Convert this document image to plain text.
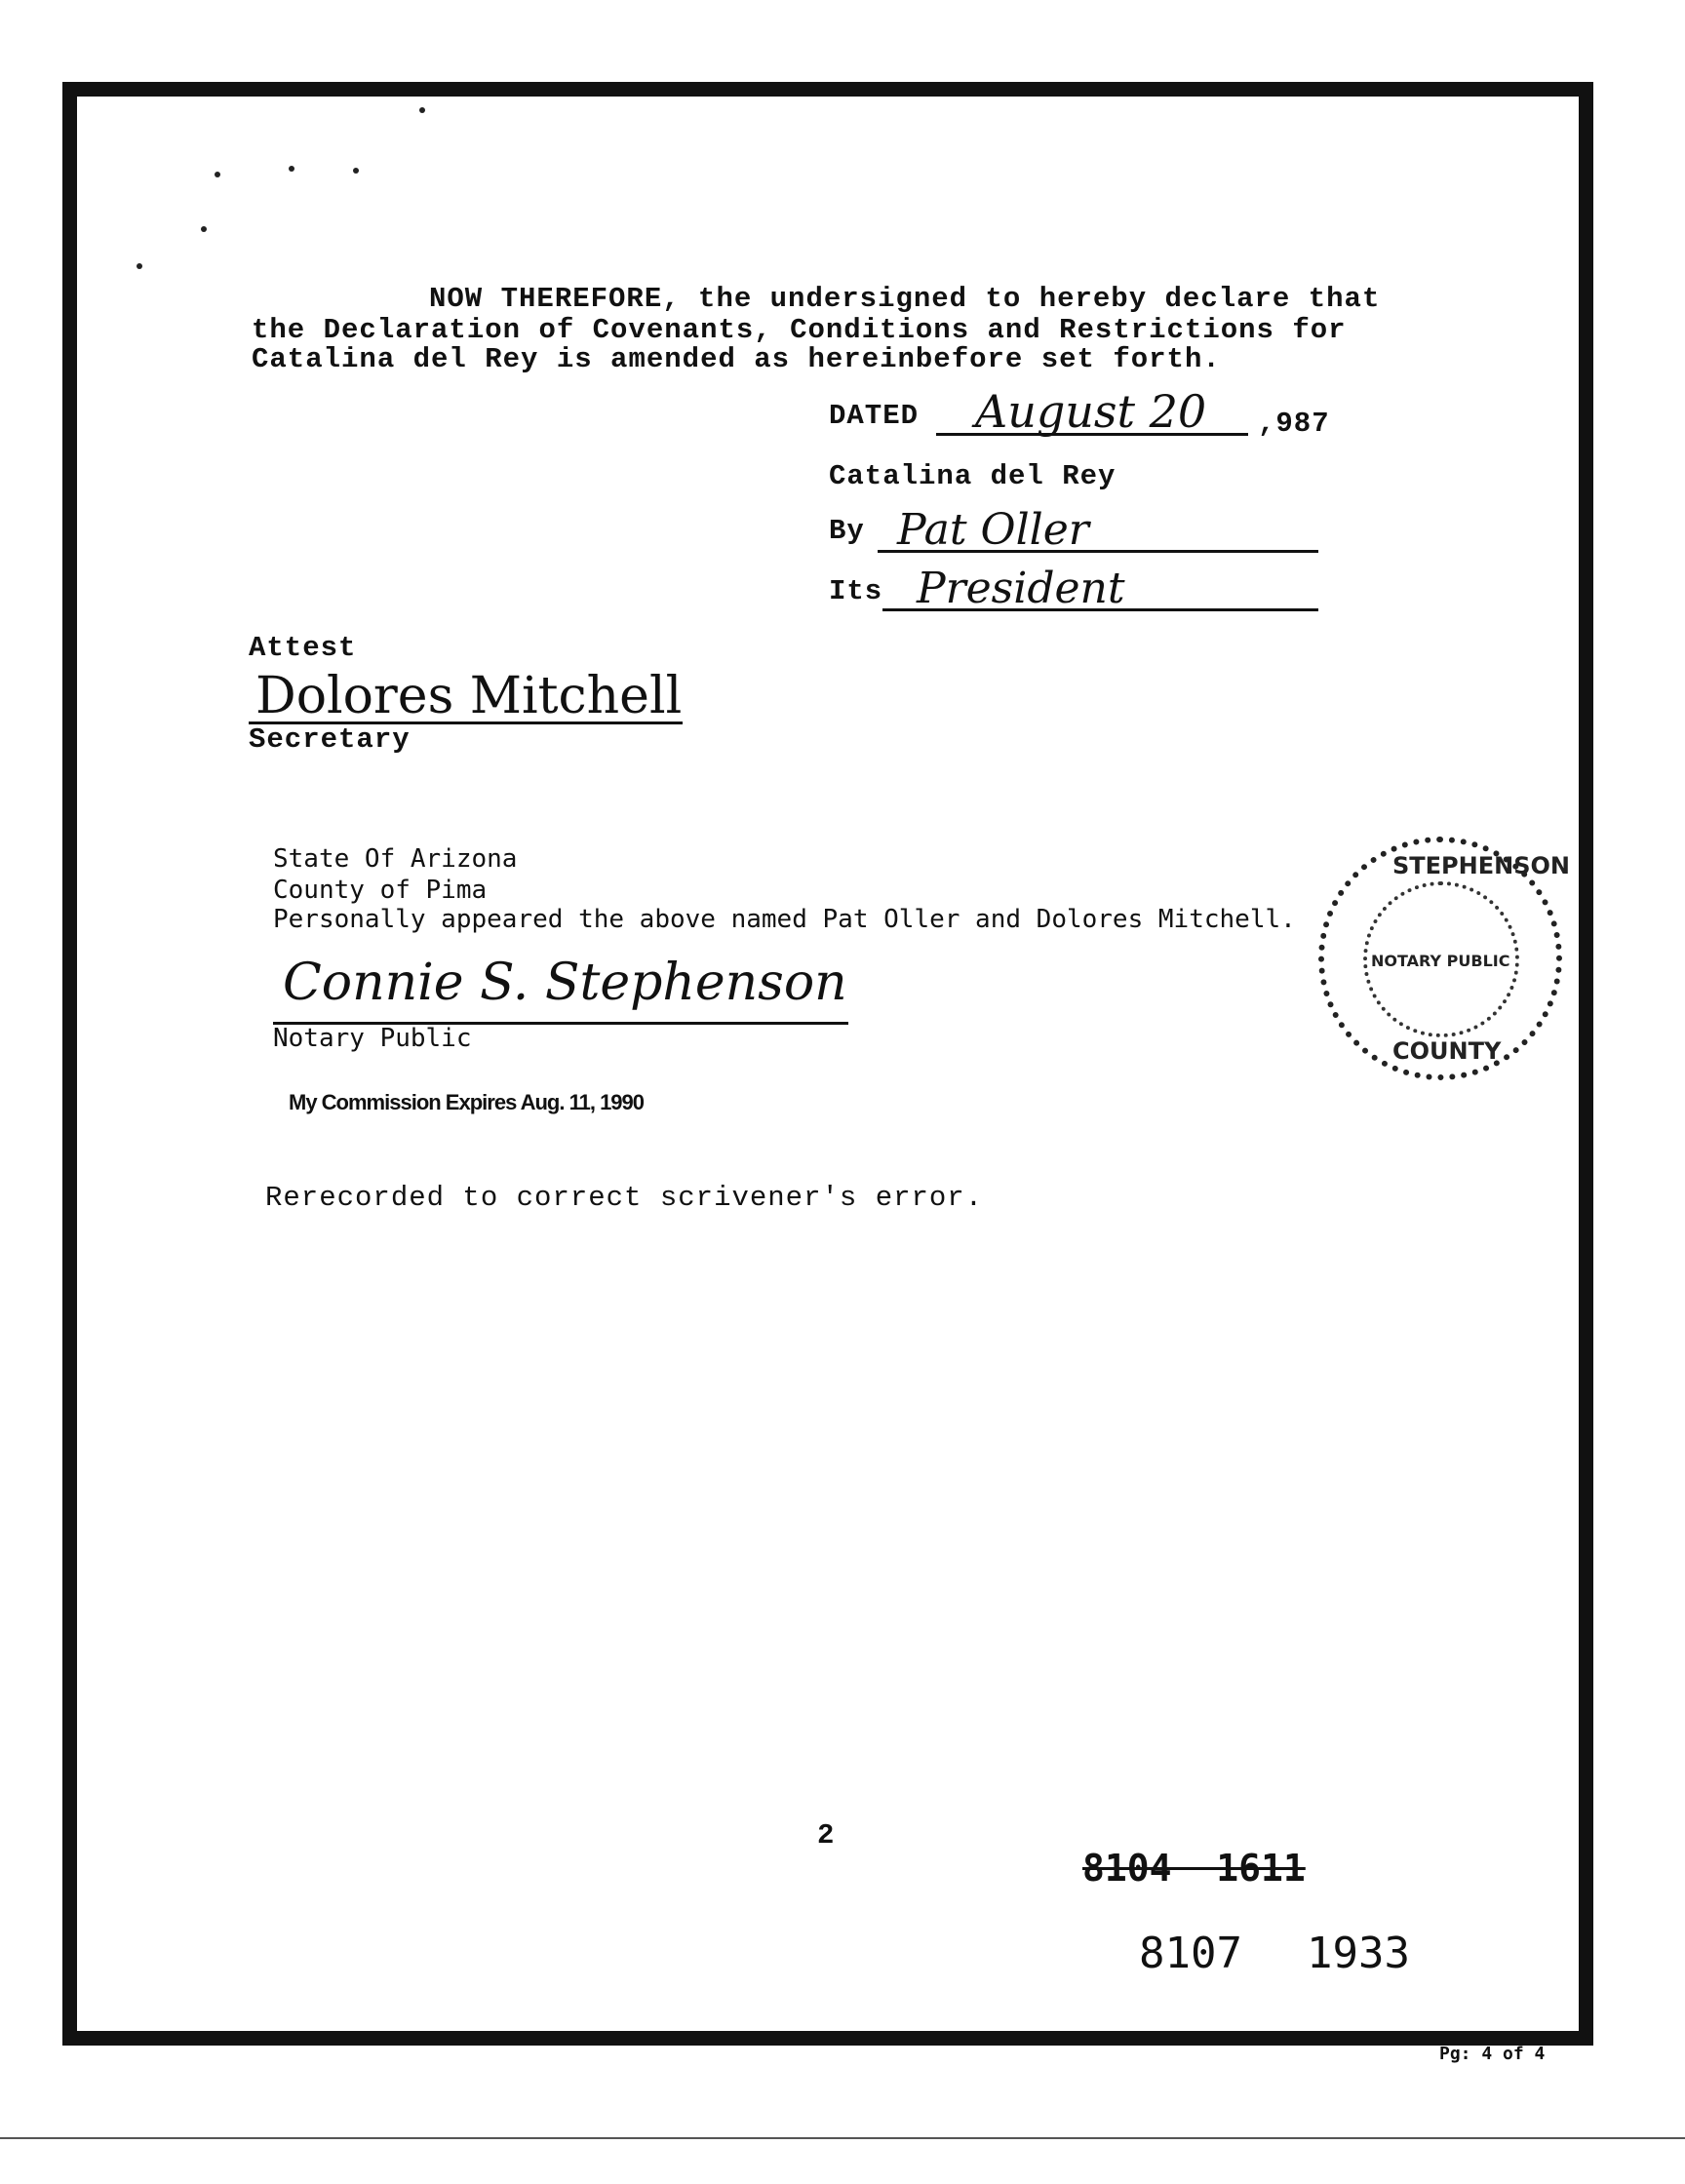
NOW THEREFORE, the undersigned to hereby declare that
the Declaration of Covenants, Conditions and Restrictions for
Catalina del Rey is amended as hereinbefore set forth.
DATED August 20 ,987
Catalina del Rey
By Pat Oller
Its President
Attest
Dolores Mitchell
Secretary
State Of Arizona
County of Pima
Personally appeared the above named Pat Oller and Dolores Mitchell.
Connie S. Stephenson
Notary Public
My Commission Expires Aug. 11, 1990
STEPHENSON
COUNTY
NOTARY PUBLIC
Rerecorded to correct scrivener's error.
2
8104  1611
8107 1933
Pg: 4 of 4
